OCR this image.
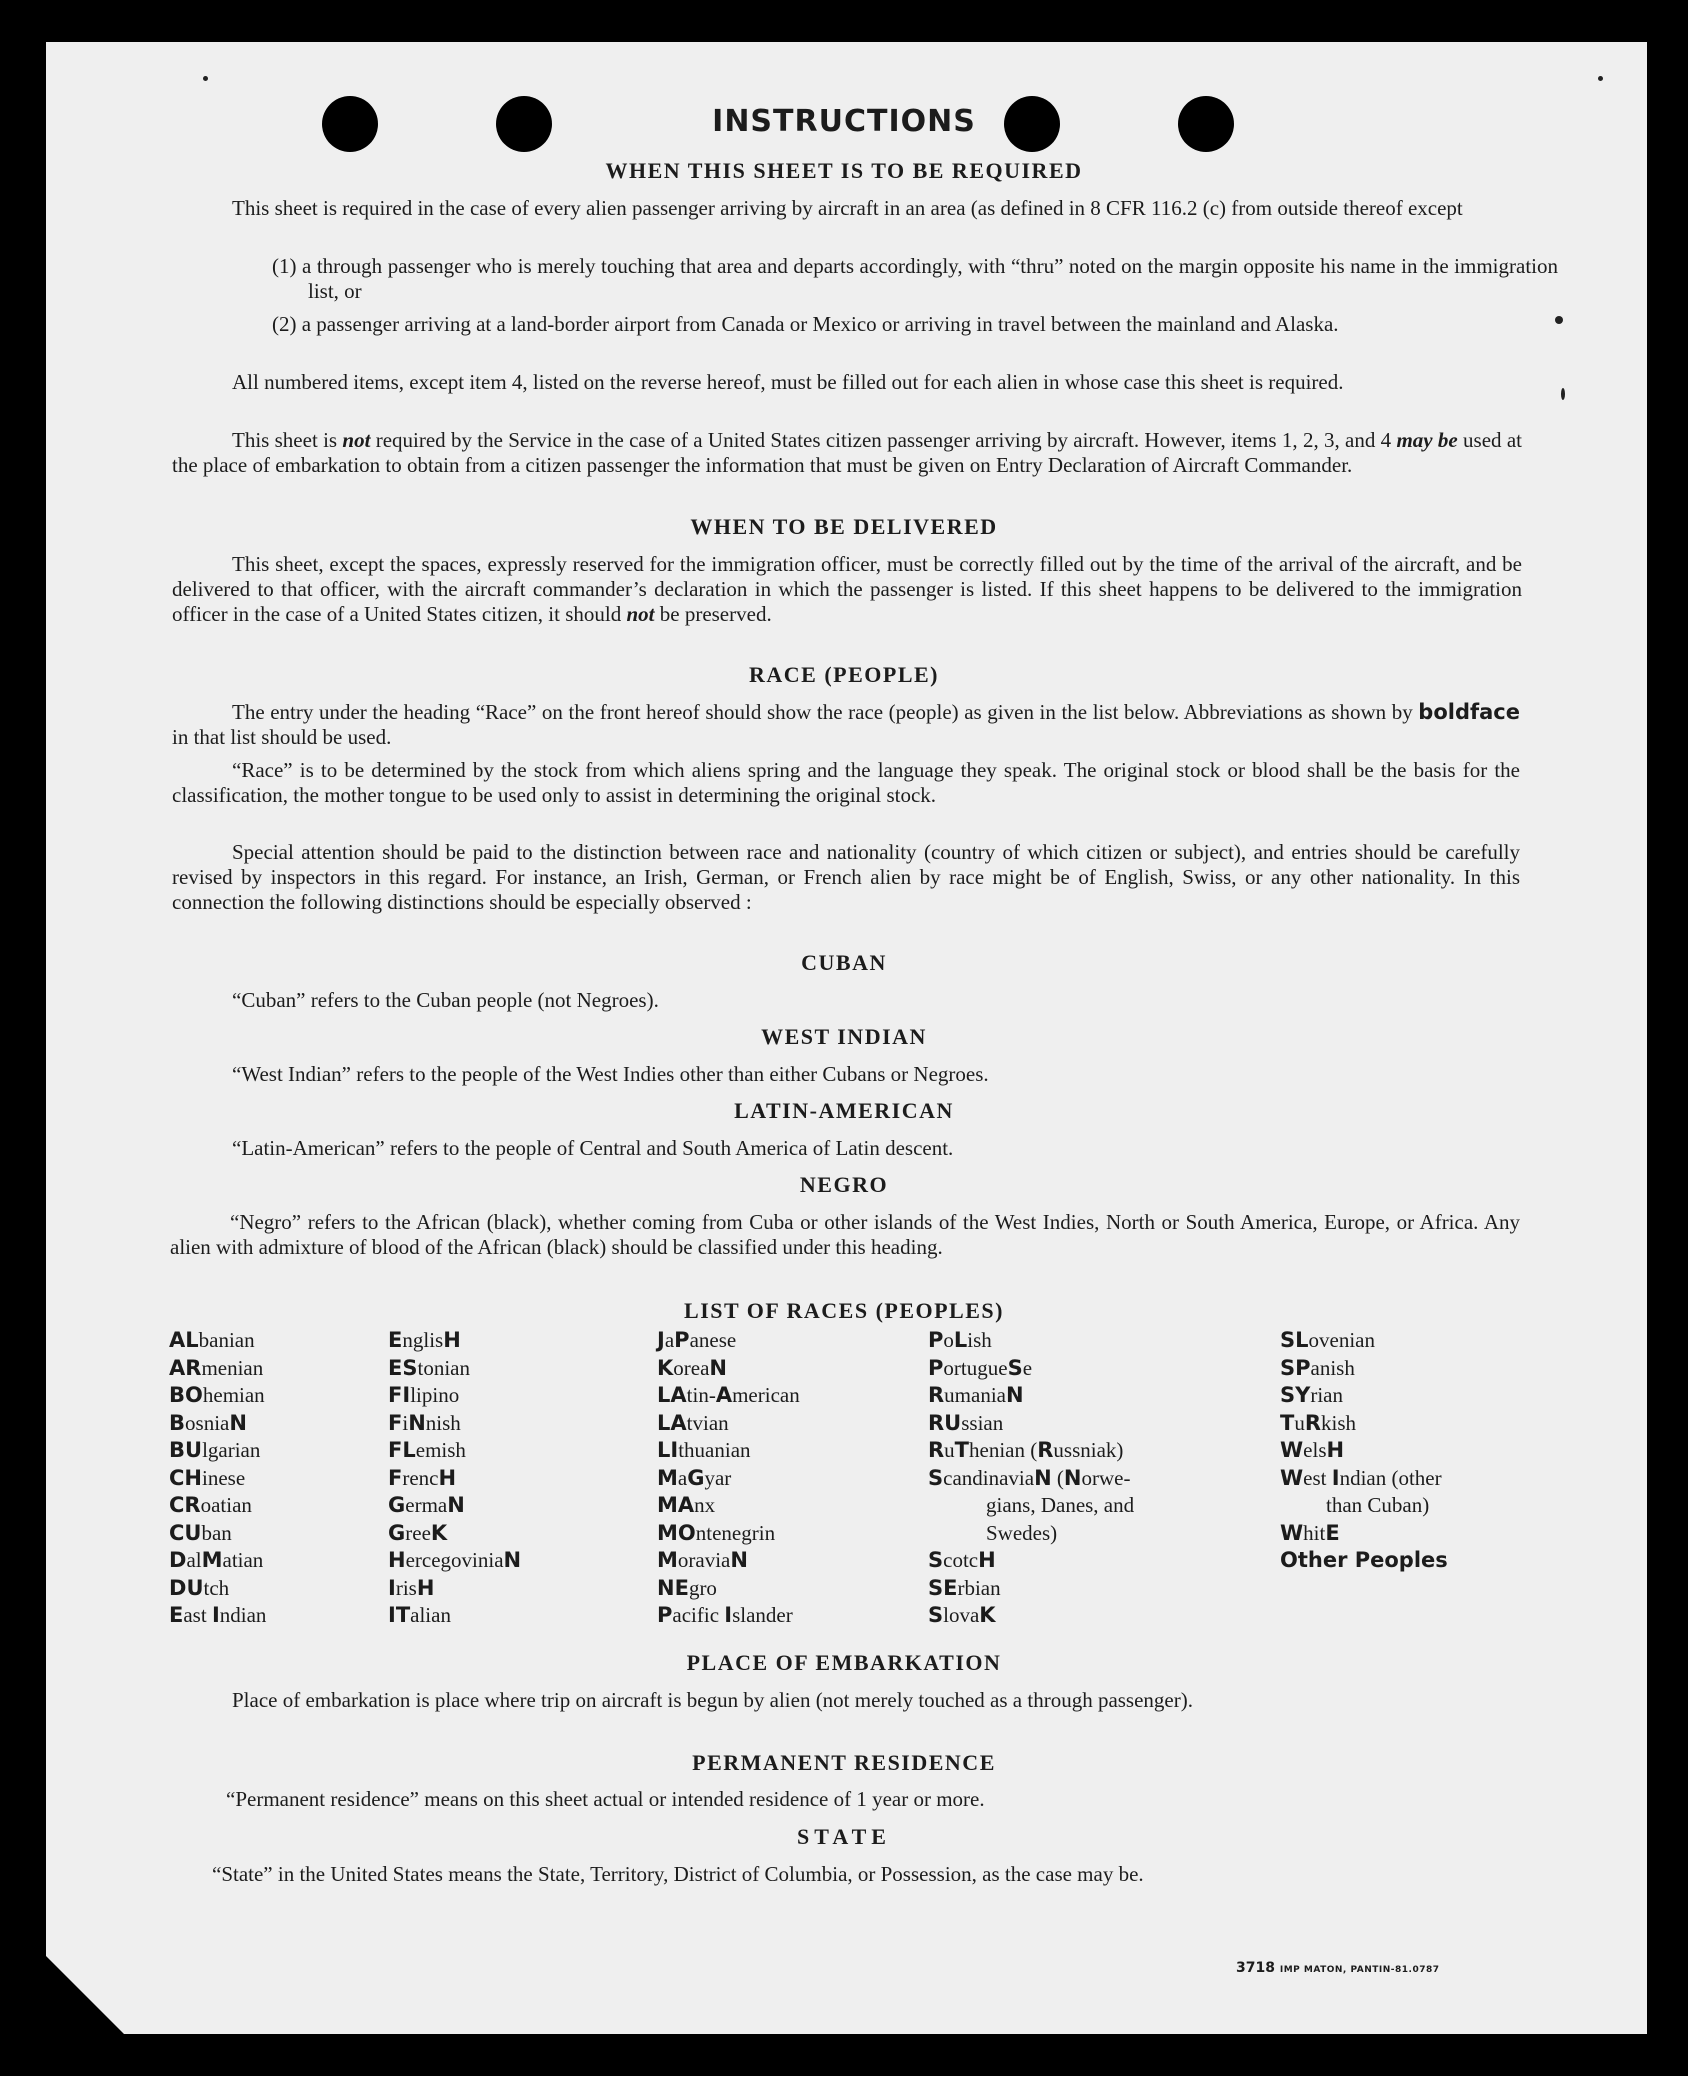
INSTRUCTIONS
WHEN THIS SHEET IS TO BE REQUIRED
This sheet is required in the case of every alien passenger arriving by aircraft in an area (as defined in 8 CFR 116.2 (c) from outside thereof except
(1) a through passenger who is merely touching that area and departs accordingly, with “thru” noted on the margin opposite his name in the immigration list, or
(2) a passenger arriving at a land-border airport from Canada or Mexico or arriving in travel between the mainland and Alaska.
All numbered items, except item 4, listed on the reverse hereof, must be filled out for each alien in whose case this sheet is required.
This sheet is not required by the Service in the case of a United States citizen passenger arriving by aircraft. However, items 1, 2, 3, and 4 may be used at the place of embarkation to obtain from a citizen passenger the information that must be given on Entry Declaration of Aircraft Commander.
WHEN TO BE DELIVERED
This sheet, except the spaces, expressly reserved for the immigration officer, must be correctly filled out by the time of the arrival of the aircraft, and be delivered to that officer, with the aircraft commander’s declaration in which the passenger is listed. If this sheet happens to be delivered to the immigration officer in the case of a United States citizen, it should not be preserved.
RACE (PEOPLE)
The entry under the heading “Race” on the front hereof should show the race (people) as given in the list below. Abbreviations as shown by boldface in that list should be used.
“Race” is to be determined by the stock from which aliens spring and the language they speak. The original stock or blood shall be the basis for the classification, the mother tongue to be used only to assist in determining the original stock.
Special attention should be paid to the distinction between race and nationality (country of which citizen or subject), and entries should be carefully revised by inspectors in this regard. For instance, an Irish, German, or French alien by race might be of English, Swiss, or any other nationality. In this connection the following distinctions should be especially observed :
CUBAN
“Cuban” refers to the Cuban people (not Negroes).
WEST INDIAN
“West Indian” refers to the people of the West Indies other than either Cubans or Negroes.
LATIN-AMERICAN
“Latin-American” refers to the people of Central and South America of Latin descent.
NEGRO
“Negro” refers to the African (black), whether coming from Cuba or other islands of the West Indies, North or South America, Europe, or Africa. Any alien with admixture of blood of the African (black) should be classified under this heading.
LIST OF RACES (PEOPLES)
ALbanian
ARmenian
BOhemian
BosniaN
BUlgarian
CHinese
CRoatian
CUban
DalMatian
DUtch
East Indian
EnglisH
EStonian
FIlipino
FiNnish
FLemish
FrencH
GermaN
GreeK
HercegoviniaN
IrisH
ITalian
JaPanese
KoreaN
LAtin-American
LAtvian
LIthuanian
MaGyar
MAnx
MOntenegrin
MoraviaN
NEgro
Pacific Islander
PoLish
PortugueSe
RumaniaN
RUssian
RuThenian (Russniak)
ScandinaviaN (Norwe-
gians, Danes, and
Swedes)
ScotcH
SErbian
SlovaK
SLovenian
SPanish
SYrian
TuRkish
WelsH
West Indian (other
than Cuban)
WhitE
Other Peoples
PLACE OF EMBARKATION
Place of embarkation is place where trip on aircraft is begun by alien (not merely touched as a through passenger).
PERMANENT RESIDENCE
“Permanent residence” means on this sheet actual or intended residence of 1 year or more.
STATE
“State” in the United States means the State, Territory, District of Columbia, or Possession, as the case may be.
3718 IMP MATON, PANTIN-81.0787
